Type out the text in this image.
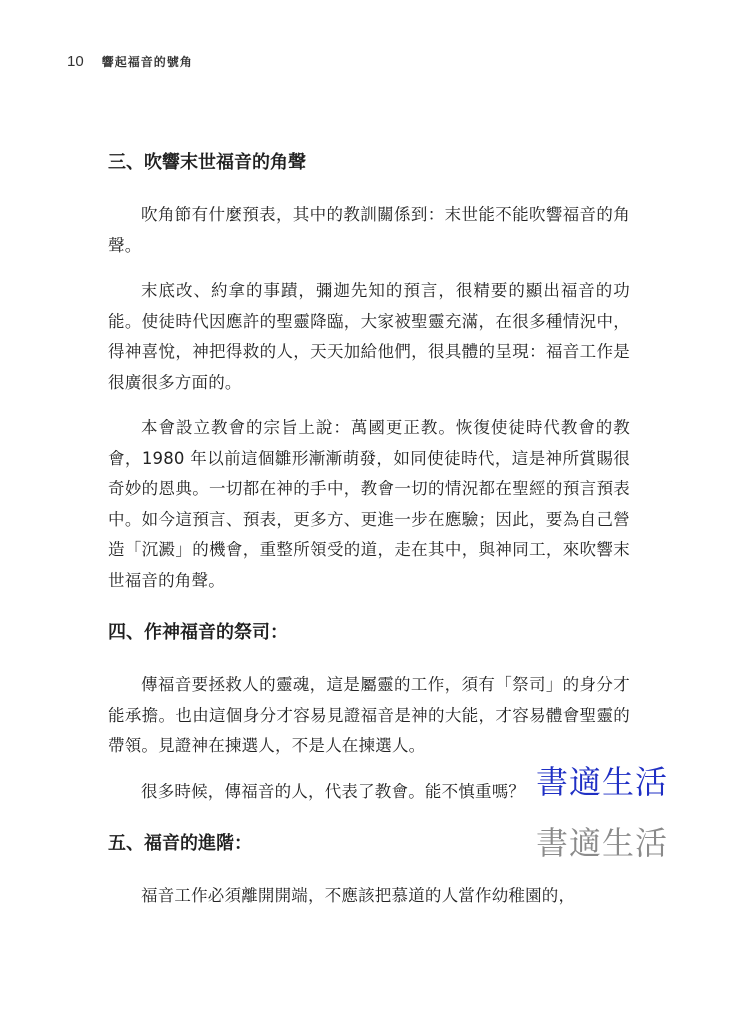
10 響起福音的號角
三、吹響末世福音的角聲

吹角節有什麼預表，其中的教訓關係到：末世能不能吹響福音的角聲。

末底改、約拿的事蹟，彌迦先知的預言，很精要的顯出福音的功能。使徒時代因應許的聖靈降臨，大家被聖靈充滿，在很多種情況中，得神喜悅，神把得救的人，天天加給他們，很具體的呈現：福音工作是很廣很多方面的。

本會設立教會的宗旨上說：萬國更正教。恢復使徒時代教會的教會，1980 年以前這個雛形漸漸萌發，如同使徒時代，這是神所賞賜很奇妙的恩典。一切都在神的手中，教會一切的情況都在聖經的預言預表中。如今這預言、預表，更多方、更進一步在應驗；因此，要為自己營造「沉澱」的機會，重整所領受的道，走在其中，與神同工，來吹響末世福音的角聲。

四、作神福音的祭司：

傳福音要拯救人的靈魂，這是屬靈的工作，須有「祭司」的身分才能承擔。也由這個身分才容易見證福音是神的大能，才容易體會聖靈的帶領。見證神在揀選人，不是人在揀選人。

很多時候，傳福音的人，代表了教會。能不慎重嗎？

五、福音的進階：

福音工作必須離開開端，不應該把慕道的人當作幼稚園的，

書適生活
書適生活
